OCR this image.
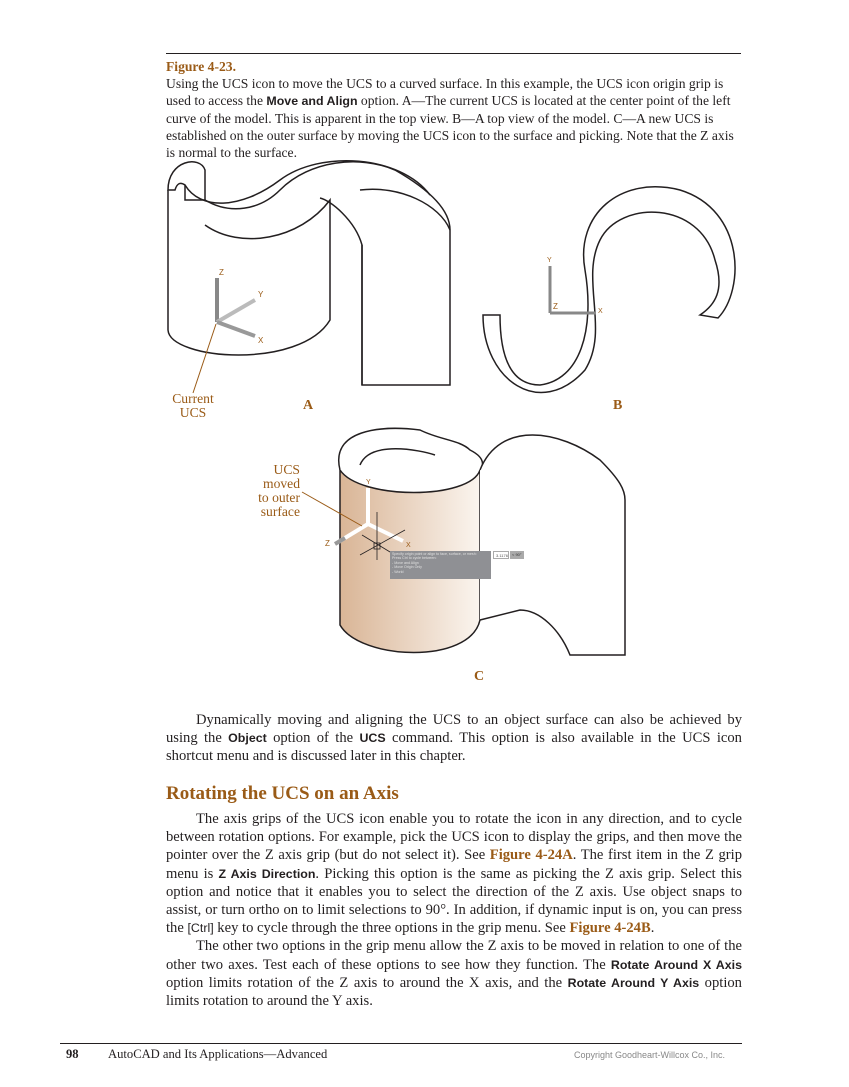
Figure 4-23.
Using the UCS icon to move the UCS to a curved surface. In this example, the UCS icon origin grip is used to access the Move and Align option. A—The current UCS is located at the center point of the left curve of the model. This is apparent in the top view. B—A top view of the model. C—A new UCS is established on the outer surface by moving the UCS icon to the surface and picking. Note that the Z axis is normal to the surface.
Z
Y
X
Y
Z
X
Y
Z	X
Specify origin point or align to face, surface, or mesh:
Press Ctrl to cycle between:
- Move and Align
- Move Origin Only
- World
3.1176	< 90°
Current
UCS	A	B
UCS
moved
to outer
surface
C

Dynamically moving and aligning the UCS to an object surface can also be achieved by using the Object option of the UCS command. This option is also available in the UCS icon shortcut menu and is discussed later in this chapter.

Rotating the UCS on an Axis

The axis grips of the UCS icon enable you to rotate the icon in any direction, and to cycle between rotation options. For example, pick the UCS icon to display the grips, and then move the pointer over the Z axis grip (but do not select it). See Figure 4-24A. The first item in the Z grip menu is Z Axis Direction. Picking this option is the same as picking the Z axis grip. Select this option and notice that it enables you to select the direction of the Z axis. Use object snaps to assist, or turn ortho on to limit selections to 90°. In addition, if dynamic input is on, you can press the [Ctrl] key to cycle through the three options in the grip menu. See Figure 4-24B.

The other two options in the grip menu allow the Z axis to be moved in relation to one of the other two axes. Test each of these options to see how they function. The Rotate Around X Axis option limits rotation of the Z axis to around the X axis, and the Rotate Around Y Axis option limits rotation to around the Y axis.

98 AutoCAD and Its Applications—Advanced	Copyright Goodheart-Willcox Co., Inc.
